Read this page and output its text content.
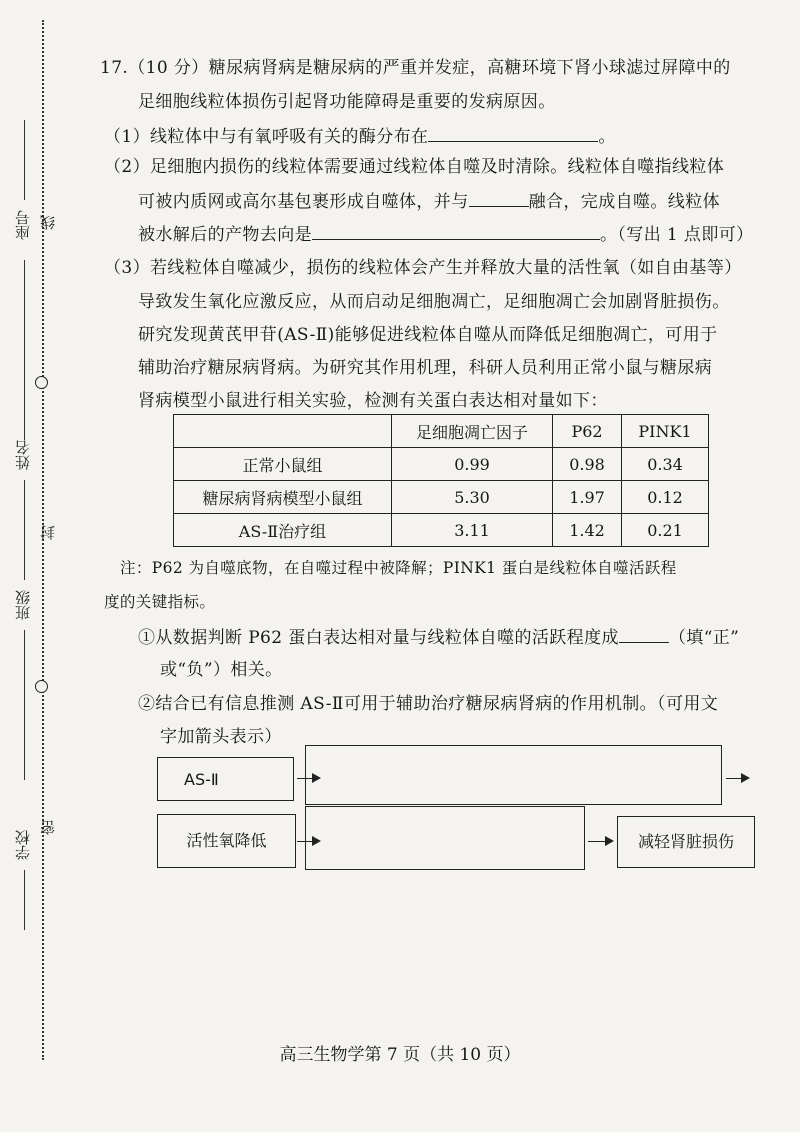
座号 线
姓名
封
班级
学校
密
17.（10 分）糖尿病肾病是糖尿病的严重并发症，高糖环境下肾小球滤过屏障中的
足细胞线粒体损伤引起肾功能障碍是重要的发病原因。
（1）线粒体中与有氧呼吸有关的酶分布在	。
（2）足细胞内损伤的线粒体需要通过线粒体自噬及时清除。线粒体自噬指线粒体
可被内质网或高尔基包裹形成自噬体，并与	融合，完成自噬。线粒体
被水解后的产物去向是	。（写出 1 点即可）
（3）若线粒体自噬减少，损伤的线粒体会产生并释放大量的活性氧（如自由基等）
导致发生氧化应激反应，从而启动足细胞凋亡，足细胞凋亡会加剧肾脏损伤。
研究发现黄芪甲苷(AS-Ⅱ)能够促进线粒体自噬从而降低足细胞凋亡，可用于
辅助治疗糖尿病肾病。为研究其作用机理，科研人员利用正常小鼠与糖尿病
肾病模型小鼠进行相关实验，检测有关蛋白表达相对量如下：
	足细胞凋亡因子	P62	PINK1
正常小鼠组	0.99	0.98	0.34
糖尿病肾病模型小鼠组	5.30	1.97	0.12
AS-Ⅱ治疗组	3.11	1.42	0.21
注：P62 为自噬底物，在自噬过程中被降解；PINK1 蛋白是线粒体自噬活跃程
度的关键指标。
①从数据判断 P62 蛋白表达相对量与线粒体自噬的活跃程度成	（填“正”
或“负”）相关。
②结合已有信息推测 AS-Ⅱ可用于辅助治疗糖尿病肾病的作用机制。（可用文
字加箭头表示）
AS-Ⅱ
活性氧降低	减轻肾脏损伤
高三生物学第 7 页（共 10 页）
